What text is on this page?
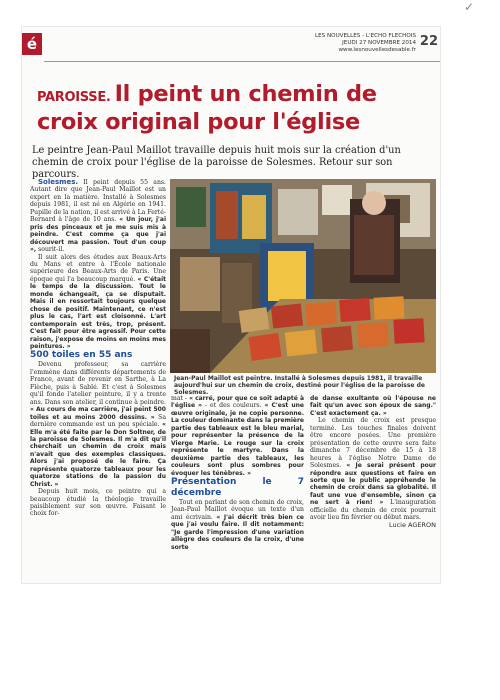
✓
é	LES NOUVELLES - L'ECHO FLECHOIS
JEUDI 27 NOVEMBRE 2014
www.lesnouvellesdesable.fr
22
PAROISSE. Il peint un chemin de croix original pour l'église
Le peintre Jean-Paul Maillot travaille depuis huit mois sur la création d'un chemin de croix pour l'église de la paroisse de Solesmes. Retour sur son parcours.
Jean-Paul Maillot est peintre. Installé à Solesmes depuis 1981, il travaille aujourd'hui sur un chemin de croix, destiné pour l'église de la paroisse de Solesmes.

Solesmes. Il peint depuis 55 ans. Autant dire que Jean-Paul Maillot est un expert en la matière. Installé à Solesmes depuis 1981, il est né en Algérie en 1941. Pupille de la nation, il est arrivé à La Ferté-Bernard à l'âge de 10 ans. « Un jour, j'ai pris des pinceaux et je me suis mis à peindre. C'est comme ça que j'ai découvert ma passion. Tout d'un coup », sourit-il.

Il suit alors des études aux Beaux-Arts du Mans et entre à l'École nationale supérieure des Beaux-Arts de Paris. Une époque qui l'a beaucoup marqué. « C'était le temps de la discussion. Tout le monde échangeait, ça se disputait. Mais il en ressortait toujours quelque chose de positif. Maintenant, ce n'est plus le cas, l'art est cloisonné. L'art contemporain est très, trop, présent. C'est fait pour être agressif. Pour cette raison, j'expose de moins en moins mes peintures. »

500 toiles en 55 ans

Devenu professeur, sa carrière l'emmène dans différents départements de France, avant de revenir en Sarthe, à La Flèche, puis à Sablé. Et c'est à Solesmes qu'il fonde l'atelier peinture, il y a trente ans. Dans son atelier, il continue à peindre. « Au cours de ma carrière, j'ai peint 500 toiles et au moins 2000 dessins. » Sa dernière commande est un peu spéciale. « Elle m'a été faite par le Don Soltner, de la paroisse de Solesmes. Il m'a dit qu'il cherchait un chemin de croix mais n'avait que des exemples classiques. Alors j'ai proposé de le faire. Ça représente quatorze tableaux pour les quatorze stations de la passion du Christ. »

Depuis huit mois, ce peintre qui a beaucoup étudié la théologie travaille paisiblement sur son œuvre. Faisant le choix for-

mat - « carré, pour que ce soit adapté à l'église » - et des couleurs. « C'est une œuvre originale, je ne copie personne. La couleur dominante dans la première partie des tableaux est le bleu marial, pour représenter la présence de la Vierge Marie. Le rouge sur la croix représente le martyre. Dans la deuxième partie des tableaux, les couleurs sont plus sombres pour évoquer les ténèbres. »

Présentation le 7 décembre

Tout en parlant de son chemin de croix, Jean-Paul Maillot évoque un texte d'un ami écrivain. « J'ai décrit très bien ce que j'ai voulu faire. Il dit notamment: "Je garde l'impression d'une variation allègre des couleurs de la croix, d'une sorte

de danse exultante où l'épouse ne fait qu'un avec son époux de sang." C'est exactement ça. »

Le chemin de croix est presque terminé. Les touches finales doivent être encore posées. Une première présentation de cette œuvre sera faite dimanche 7 décembre de 15 à 18 heures à l'église Notre Dame de Solesmes. « Je serai présent pour répondre aux questions et faire en sorte que le public appréhende le chemin de croix dans sa globalité. Il faut une vue d'ensemble, sinon ça ne sert à rien! » L'inauguration officielle du chemin de croix pourrait avoir lieu fin février ou début mars.

Lucie AGERON
